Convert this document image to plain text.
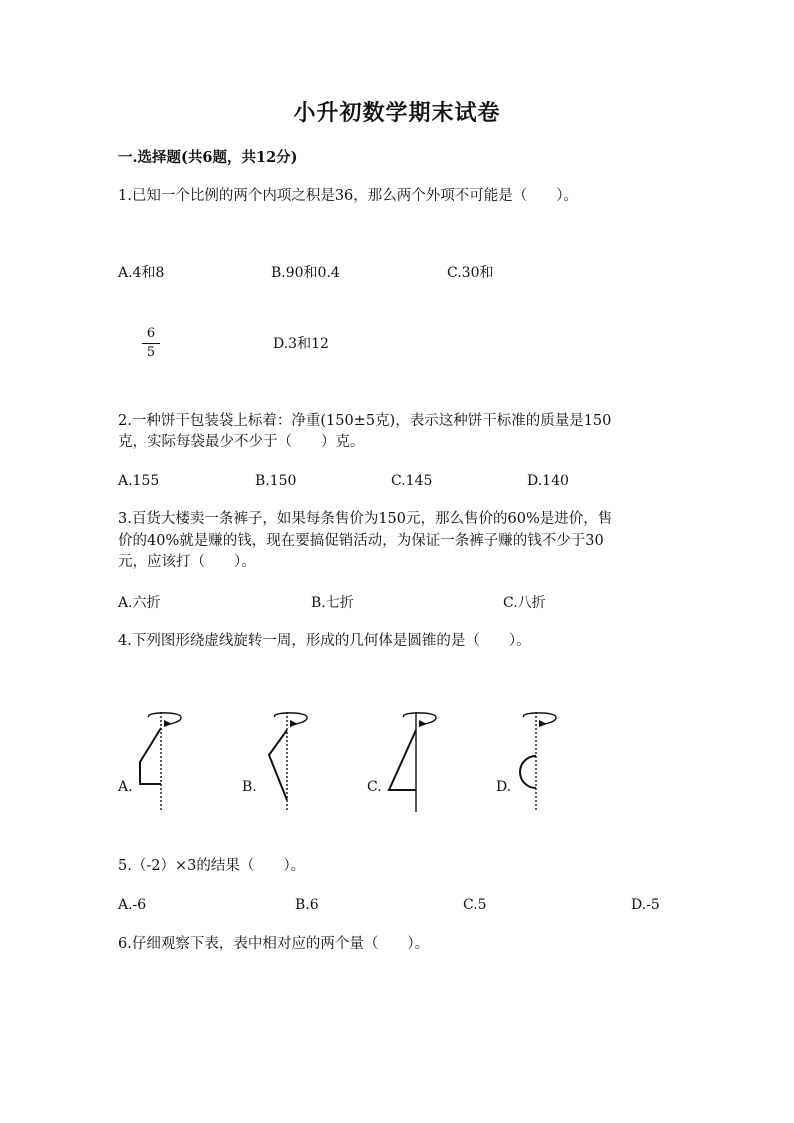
小升初数学期末试卷
一.选择题(共6题，共12分)
1.已知一个比例的两个内项之积是36，那么两个外项不可能是（　　）。
A.4和8	B.90和0.4	C.30和
6
5
D.3和12
2.一种饼干包装袋上标着：净重(150±5克)，表示这种饼干标准的质量是150
克，实际每袋最少不少于（　　）克。
A.155	B.150	C.145	D.140
3.百货大楼卖一条裤子，如果每条售价为150元，那么售价的60%是进价，售
价的40%就是赚的钱，现在要搞促销活动，为保证一条裤子赚的钱不少于30
元，应该打（　　）。
A.六折	B.七折	C.八折
4.下列图形绕虚线旋转一周，形成的几何体是圆锥的是（　　）。
A.	B.	C.	D.
5.（-2）×3的结果（　　）。
A.-6	B.6	C.5	D.-5
6.仔细观察下表，表中相对应的两个量（　　）。
